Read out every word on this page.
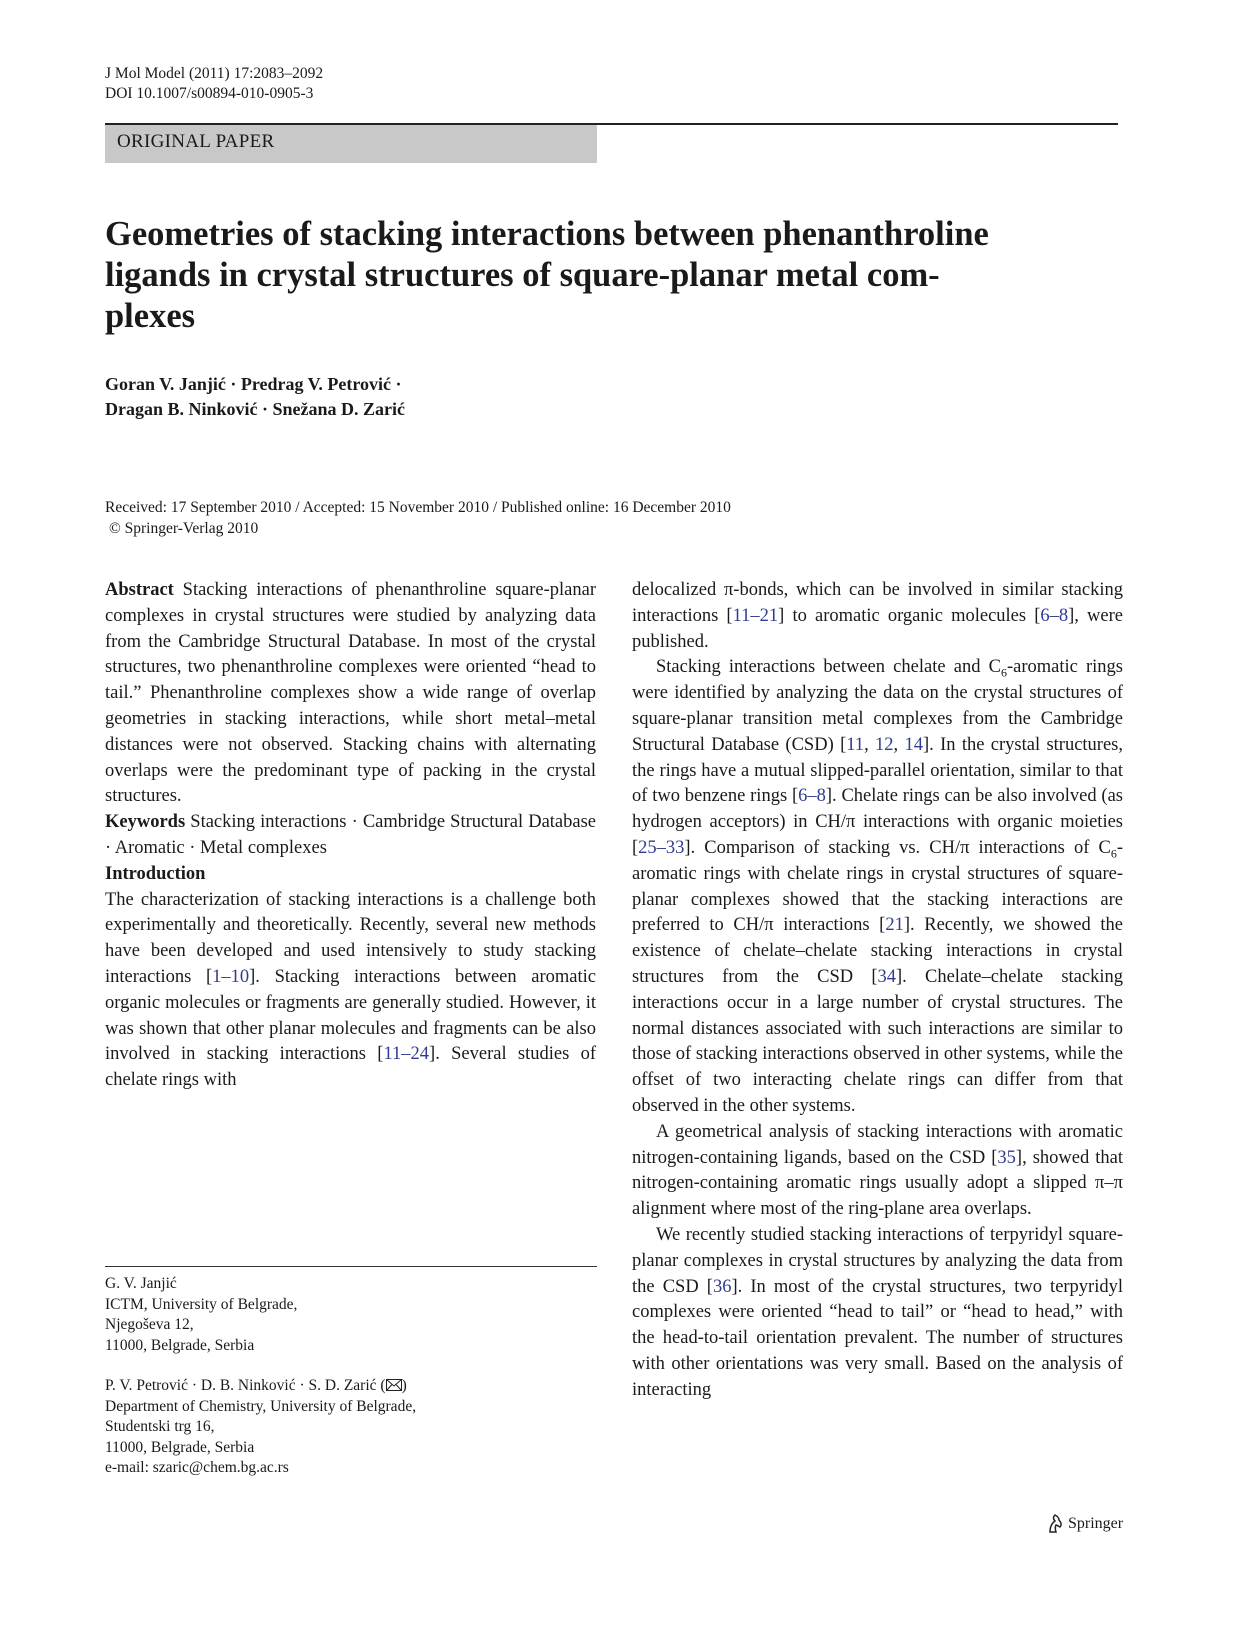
J Mol Model (2011) 17:2083–2092
DOI 10.1007/s00894-010-0905-3
ORIGINAL PAPER
Geometries of stacking interactions between phenanthroline
ligands in crystal structures of square-planar metal com-
plexes
Goran V. Janjić · Predrag V. Petrović ·
Dragan B. Ninković · Snežana D. Zarić
Received: 17 September 2010 / Accepted: 15 November 2010 / Published online: 16 December 2010
© Springer-Verlag 2010

Abstract Stacking interactions of phenanthroline square-planar complexes in crystal structures were studied by analyzing data from the Cambridge Structural Database. In most of the crystal structures, two phenanthroline complexes were oriented “head to tail.” Phenanthroline complexes show a wide range of overlap geometries in stacking interactions, while short metal–metal distances were not observed. Stacking chains with alternating overlaps were the predominant type of packing in the crystal structures.

Keywords Stacking interactions · Cambridge Structural Database · Aromatic · Metal complexes

Introduction

The characterization of stacking interactions is a challenge both experimentally and theoretically. Recently, several new methods have been developed and used intensively to study stacking interactions [1–10]. Stacking interactions between aromatic organic molecules or fragments are generally studied. However, it was shown that other planar molecules and fragments can be also involved in stacking interactions [11–24]. Several studies of chelate rings with

delocalized π-bonds, which can be involved in similar stacking interactions [11–21] to aromatic organic molecules [6–8], were published.

Stacking interactions between chelate and $C_6$-aromatic rings were identified by analyzing the data on the crystal structures of square-planar transition metal complexes from the Cambridge Structural Database (CSD) [11, 12, 14]. In the crystal structures, the rings have a mutual slipped-parallel orientation, similar to that of two benzene rings [6–8]. Chelate rings can be also involved (as hydrogen acceptors) in CH/π interactions with organic moieties [25–33]. Comparison of stacking vs. CH/π interactions of $C_6$-aromatic rings with chelate rings in crystal structures of square-planar complexes showed that the stacking interactions are preferred to CH/π interactions [21]. Recently, we showed the existence of chelate–chelate stacking interactions in crystal structures from the CSD [34]. Chelate–chelate stacking interactions occur in a large number of crystal structures. The normal distances associated with such interactions are similar to those of stacking interactions observed in other systems, while the offset of two interacting chelate rings can differ from that observed in the other systems.

A geometrical analysis of stacking interactions with aromatic nitrogen-containing ligands, based on the CSD [35], showed that nitrogen-containing aromatic rings usually adopt a slipped π–π alignment where most of the ring-plane area overlaps.

We recently studied stacking interactions of terpyridyl square-planar complexes in crystal structures by analyzing the data from the CSD [36]. In most of the crystal structures, two terpyridyl complexes were oriented “head to tail” or “head to head,” with the head-to-tail orientation prevalent. The number of structures with other orientations was very small. Based on the analysis of interacting

G. V. Janjić
ICTM, University of Belgrade,
Njegoševa 12,
11000, Belgrade, Serbia
P. V. Petrović · D. B. Ninković · S. D. Zarić ( )
Department of Chemistry, University of Belgrade,
Studentski trg 16,
11000, Belgrade, Serbia
e-mail: szaric@chem.bg.ac.rs
Springer
